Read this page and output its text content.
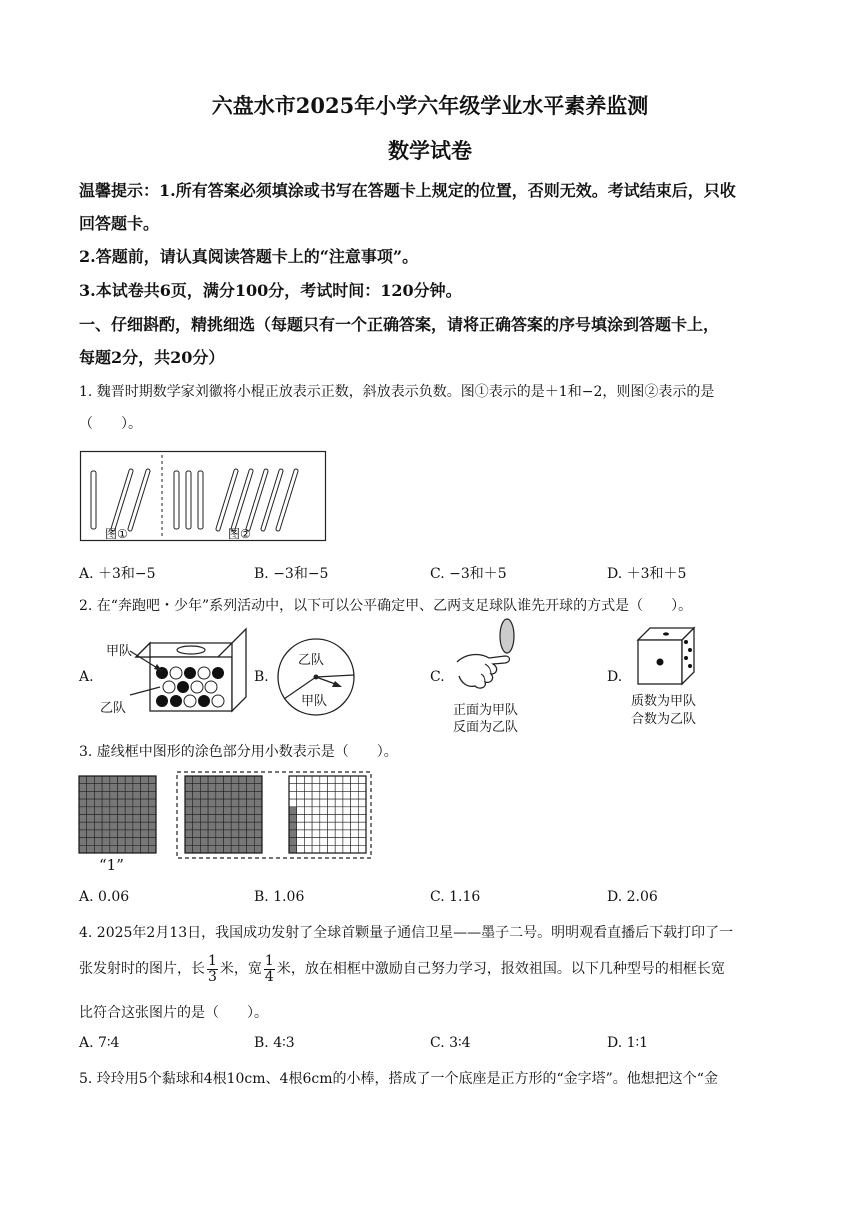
六盘水市2025年小学六年级学业水平素养监测
数学试卷
温馨提示：1.所有答案必须填涂或书写在答题卡上规定的位置，否则无效。考试结束后，只收
回答题卡。
2.答题前，请认真阅读答题卡上的“注意事项”。
3.本试卷共6页，满分100分，考试时间：120分钟。
一、仔细斟酌，精挑细选（每题只有一个正确答案，请将正确答案的序号填涂到答题卡上，
每题2分，共20分）
1. 魏晋时期数学家刘徽将小棍正放表示正数，斜放表示负数。图①表示的是＋1和−2，则图②表示的是
（　　）。
图①	图②
A. ＋3和−5	B. −3和−5	C. −3和＋5	D. ＋3和＋5
2. 在“奔跑吧・少年”系列活动中，以下可以公平确定甲、乙两支足球队谁先开球的方式是（　　）。
A.	B.	C.	D.
甲队
乙队
乙队
甲队
正面为甲队
反面为乙队
质数为甲队
合数为乙队
3. 虚线框中图形的涂色部分用小数表示是（　　）。
“1”
A. 0.06	B. 1.06	C. 1.16	D. 2.06
4. 2025年2月13日，我国成功发射了全球首颗量子通信卫星——墨子二号。明明观看直播后下载打印了一
张发射时的图片，长 $\frac{1}{3}$ 米，宽 $\frac{1}{4}$ 米，放在相框中激励自己努力学习，报效祖国。以下几种型号的相框长宽
比符合这张图片的是（　　）。
A. 7∶4	B. 4∶3	C. 3∶4	D. 1∶1
5. 玲玲用5个黏球和4根10cm、4根6cm的小棒，搭成了一个底座是正方形的“金字塔”。他想把这个“金
